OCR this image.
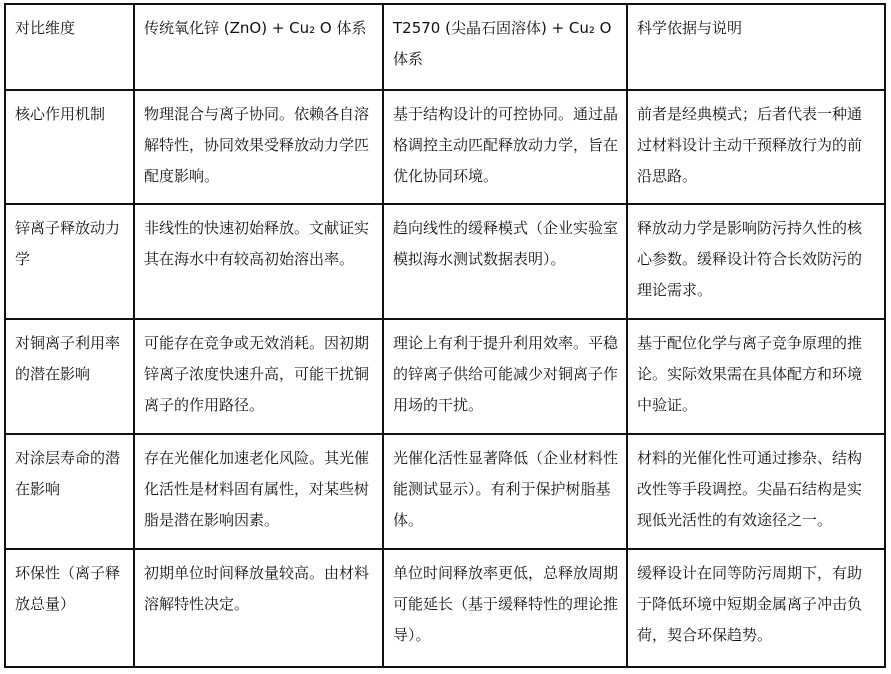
对比维度	传统氧化锌 (ZnO) + Cu₂ O 体系	T2570 (尖晶石固溶体) + Cu₂ O 体系	科学依据与说明
核心作用机制	物理混合与离子协同。依赖各自溶解特性，协同效果受释放动力学匹配度影响。	基于结构设计的可控协同。通过晶格调控主动匹配释放动力学，旨在优化协同环境。	前者是经典模式；后者代表一种通过材料设计主动干预释放行为的前沿思路。
锌离子释放动力学	非线性的快速初始释放。文献证实其在海水中有较高初始溶出率。	趋向线性的缓释模式（企业实验室模拟海水测试数据表明）。	释放动力学是影响防污持久性的核心参数。缓释设计符合长效防污的理论需求。
对铜离子利用率的潜在影响	可能存在竞争或无效消耗。因初期锌离子浓度快速升高，可能干扰铜离子的作用路径。	理论上有利于提升利用效率。平稳的锌离子供给可能减少对铜离子作用场的干扰。	基于配位化学与离子竞争原理的推论。实际效果需在具体配方和环境中验证。
对涂层寿命的潜在影响	存在光催化加速老化风险。其光催化活性是材料固有属性，对某些树脂是潜在影响因素。	光催化活性显著降低（企业材料性能测试显示）。有利于保护树脂基体。	材料的光催化性可通过掺杂、结构改性等手段调控。尖晶石结构是实现低光活性的有效途径之一。
环保性（离子释放总量）	初期单位时间释放量较高。由材料溶解特性决定。	单位时间释放率更低，总释放周期可能延长（基于缓释特性的理论推导）。	缓释设计在同等防污周期下，有助于降低环境中短期金属离子冲击负荷，契合环保趋势。
